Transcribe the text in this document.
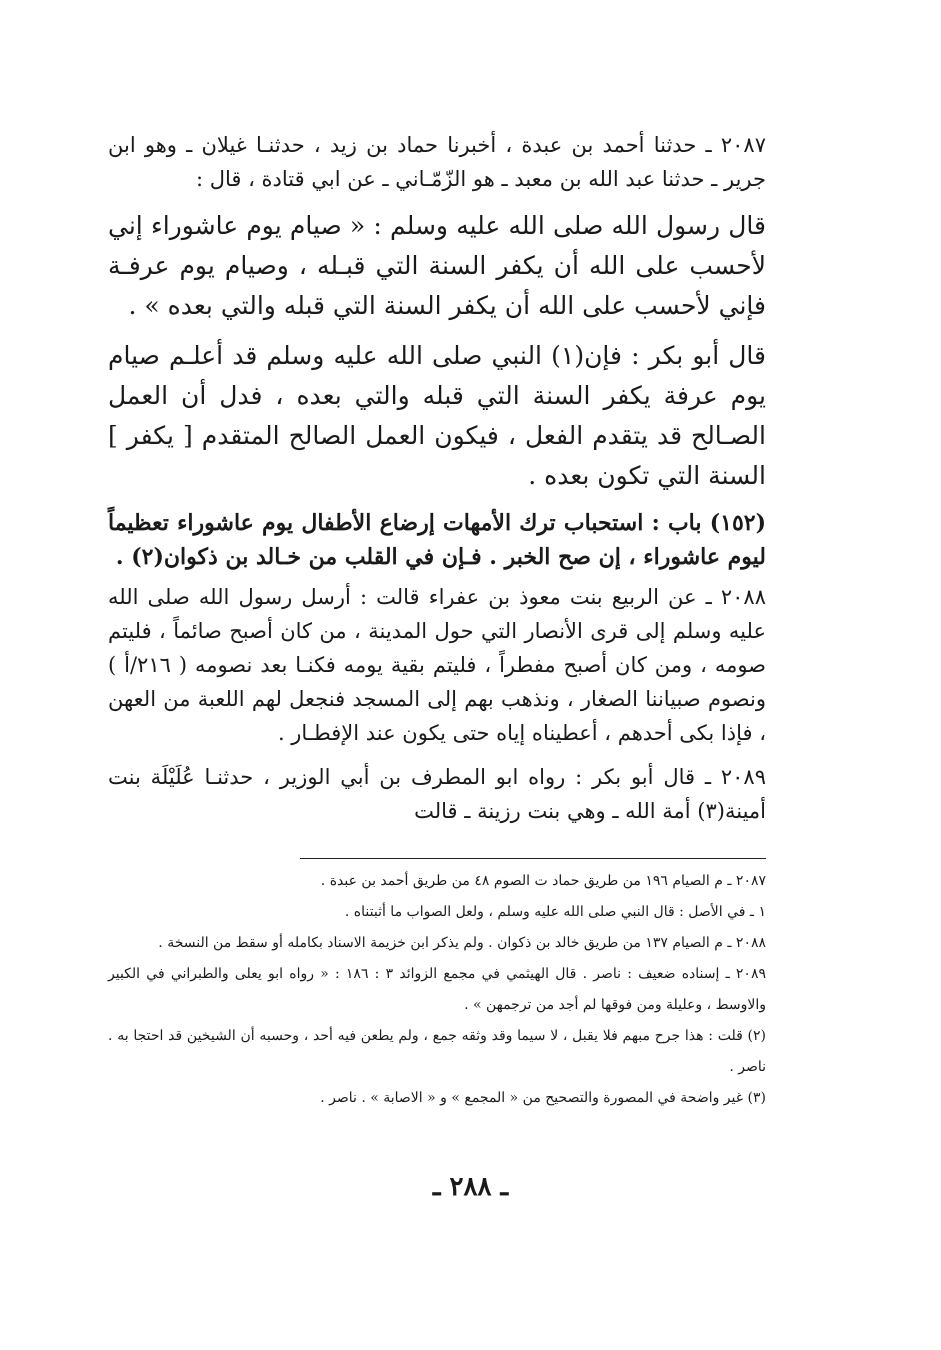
٢٠٨٧ ـ حدثنا أحمد بن عبدة ، أخبرنا حماد بن زيد ، حدثنـا غيلان ـ وهو ابن جرير ـ حدثنا عبد الله بن معبد ـ هو الزّمّـاني ـ عن ابي قتادة ، قال :

قال رسول الله صلى الله عليه وسلم : « صيام يوم عاشوراء إني لأحسب على الله أن يكفر السنة التي قبـله ، وصيام يوم عرفـة فإني لأحسب على الله أن يكفر السنة التي قبله والتي بعده » .

قال أبو بكر : فإن(١) النبي صلى الله عليه وسلم قد أعلـم صيام يوم عرفة يكفر السنة التي قبله والتي بعده ، فدل أن العمل الصـالح قد يتقدم الفعل ، فيكون العمل الصالح المتقدم [ يكفر ] السنة التي تكون بعده .

(١٥٢) باب : استحباب ترك الأمهات إرضاع الأطفال يوم عاشوراء تعظيماً ليوم عاشوراء ، إن صح الخبر . فـإن في القلب من خـالد بن ذكوان(٢) .

٢٠٨٨ ـ عن الربيع بنت معوذ بن عفراء قالت : أرسل رسول الله صلى الله عليه وسلم إلى قرى الأنصار التي حول المدينة ، من كان أصبح صائماً ، فليتم صومه ، ومن كان أصبح مفطراً ، فليتم بقية يومه فكنـا بعد نصومه ( ٢١٦/أ ) ونصوم صبياننا الصغار ، ونذهب بهم إلى المسجد فنجعل لهم اللعبة من العهن ، فإذا بكى أحدهم ، أعطيناه إياه حتى يكون عند الإفطـار .

٢٠٨٩ ـ قال أبو بكر : رواه ابو المطرف بن أبي الوزير ، حدثنـا عُلَيْلَة بنت أمينة(٣) أمة الله ـ وهي بنت رزينة ـ قالت

٢٠٨٧ ـ م الصيام ١٩٦ من طريق حماد ت الصوم ٤٨ من طريق أحمد بن عبدة .

١ ـ في الأصل : قال النبي صلى الله عليه وسلم ، ولعل الصواب ما أثبتناه .

٢٠٨٨ ـ م الصيام ١٣٧ من طريق خالد بن ذكوان . ولم يذكر ابن خزيمة الاسناد بكامله أو سقط من النسخة .

٢٠٨٩ ـ إسناده ضعيف : ناصر . قال الهيثمي في مجمع الزوائد ٣ : ١٨٦ : « رواه ابو يعلى والطبراني في الكبير والاوسط ، وعليلة ومن فوقها لم أجد من ترجمهن » .

(٢) قلت : هذا جرح مبهم فلا يقبل ، لا سيما وقد وثقه جمع ، ولم يطعن فيه أحد ، وحسبه أن الشيخين قد احتجا به . ناصر .

(٣) غير واضحة في المصورة والتصحيح من « المجمع » و « الاصابة » . ناصر .

ـ ٢٨٨ ـ
